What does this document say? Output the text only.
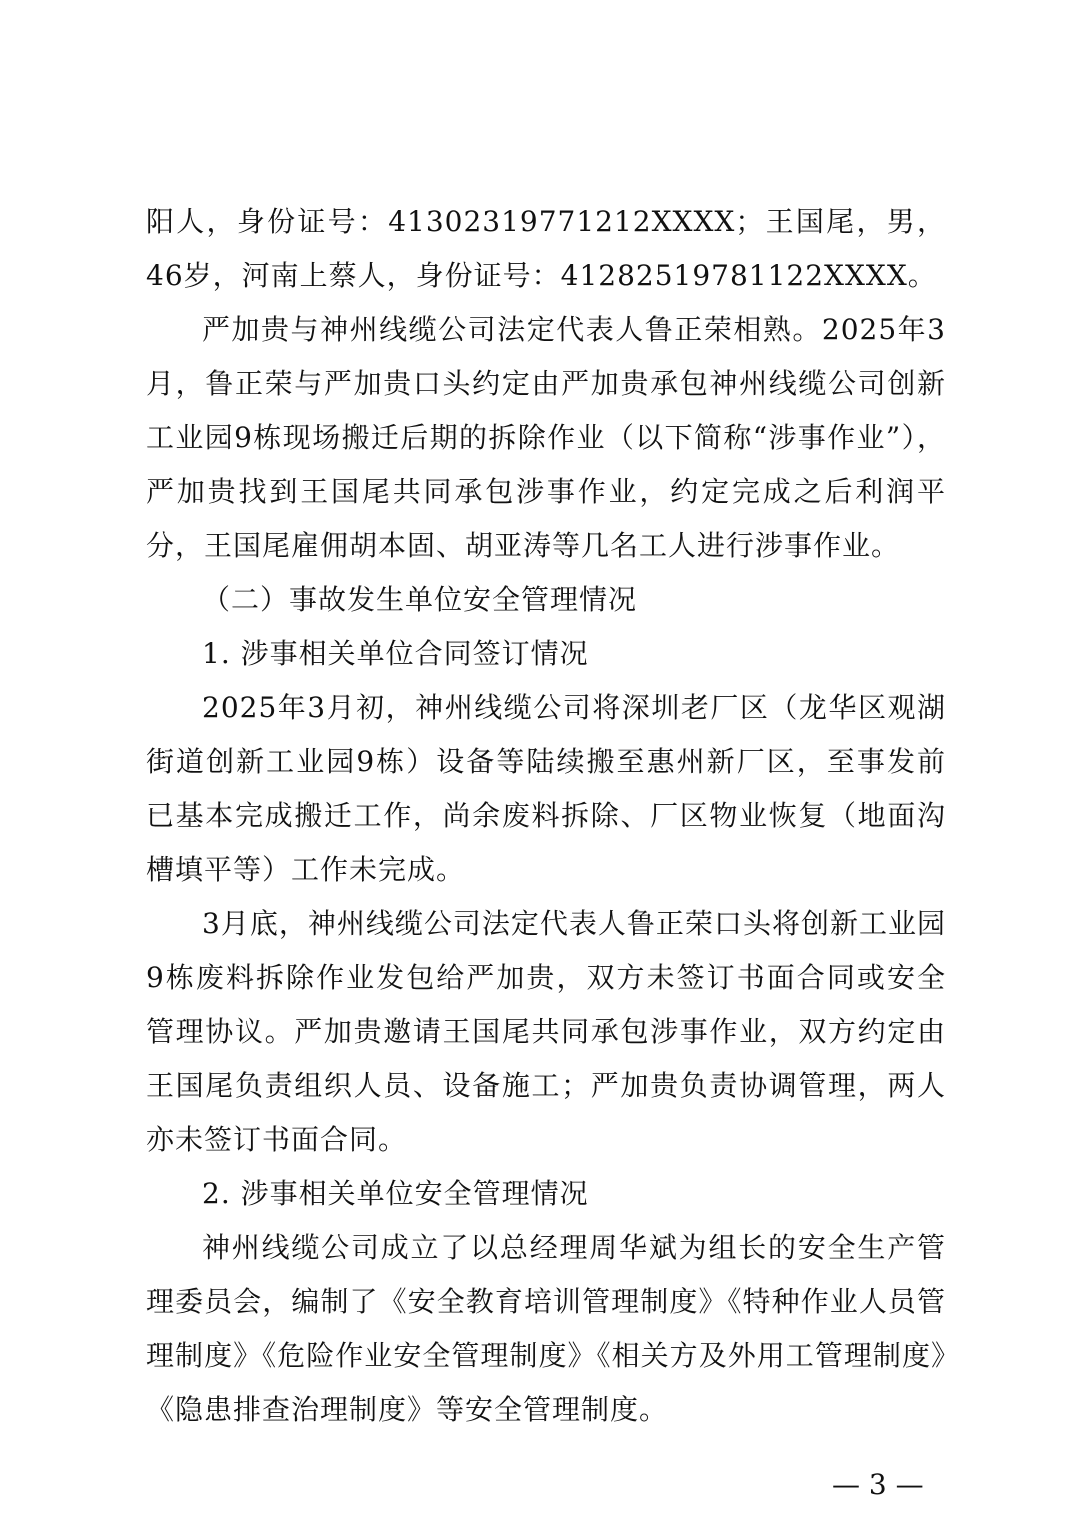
阳人，身份证号：41302319771212XXXX；王国尾，男，46岁，河南上蔡人，身份证号：41282519781122XXXX。

严加贵与神州线缆公司法定代表人鲁正荣相熟。2025年3月，鲁正荣与严加贵口头约定由严加贵承包神州线缆公司创新工业园9栋现场搬迁后期的拆除作业（以下简称“涉事作业”），严加贵找到王国尾共同承包涉事作业，约定完成之后利润平分，王国尾雇佣胡本固、胡亚涛等几名工人进行涉事作业。

（二）事故发生单位安全管理情况

1. 涉事相关单位合同签订情况

2025年3月初，神州线缆公司将深圳老厂区（龙华区观湖街道创新工业园9栋）设备等陆续搬至惠州新厂区，至事发前已基本完成搬迁工作，尚余废料拆除、厂区物业恢复（地面沟槽填平等）工作未完成。

3月底，神州线缆公司法定代表人鲁正荣口头将创新工业园9栋废料拆除作业发包给严加贵，双方未签订书面合同或安全管理协议。严加贵邀请王国尾共同承包涉事作业，双方约定由王国尾负责组织人员、设备施工；严加贵负责协调管理，两人亦未签订书面合同。

2. 涉事相关单位安全管理情况

神州线缆公司成立了以总经理周华斌为组长的安全生产管理委员会，编制了《安全教育培训管理制度》《特种作业人员管理制度》《危险作业安全管理制度》《相关方及外用工管理制度》《隐患排查治理制度》等安全管理制度。

— 3 —
